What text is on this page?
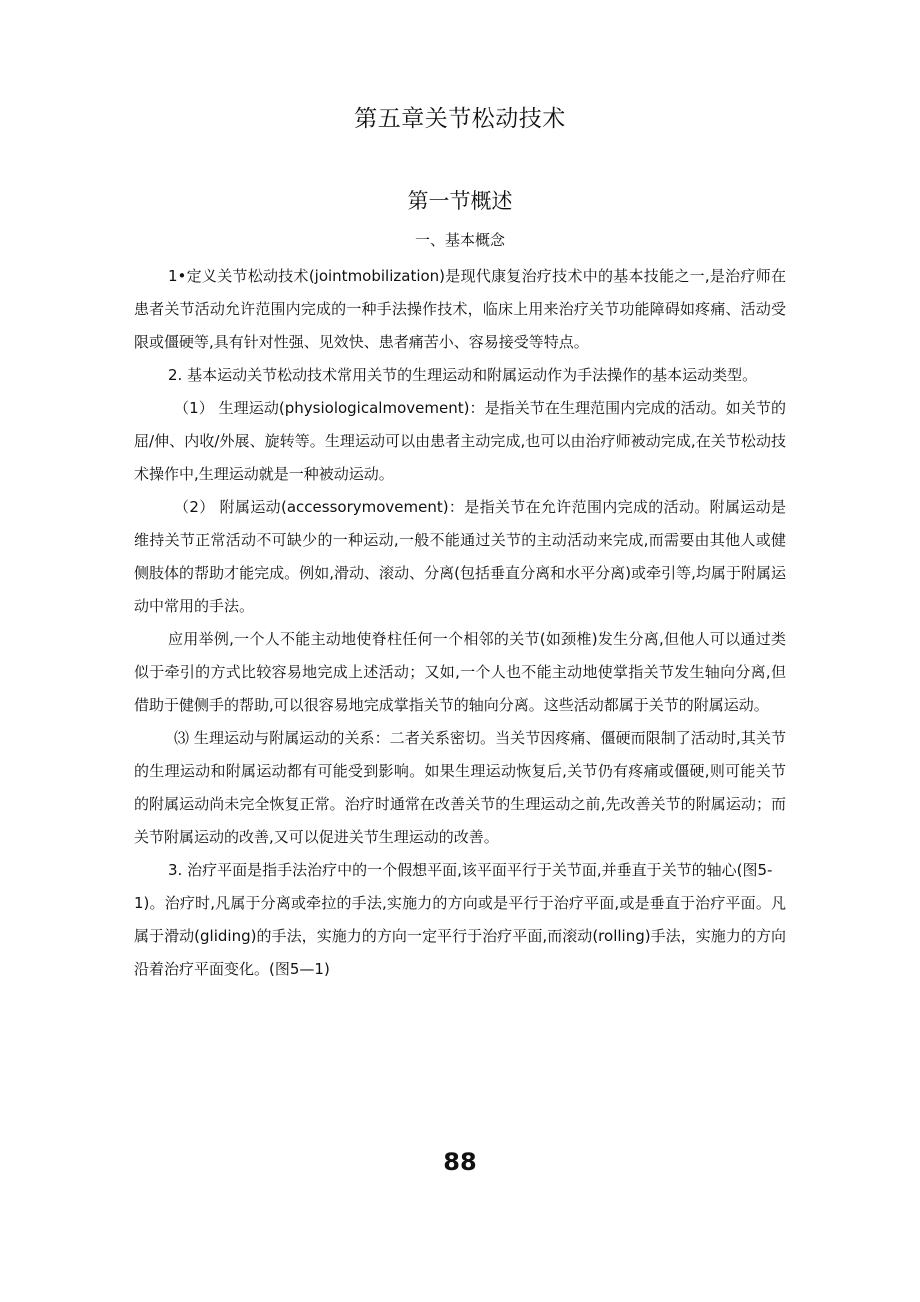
第五章关节松动技术
第一节概述
一、基本概念

1•定义关节松动技术(jointmobilization)是现代康复治疗技术中的基本技能之一,是治疗师在患者关节活动允许范围内完成的一种手法操作技术，临床上用来治疗关节功能障碍如疼痛、活动受限或僵硬等,具有针对性强、见效快、患者痛苦小、容易接受等特点。

2. 基本运动关节松动技术常用关节的生理运动和附属运动作为手法操作的基本运动类型。

（1） 生理运动(physiologicalmovement)：是指关节在生理范围内完成的活动。如关节的屈/伸、内收/外展、旋转等。生理运动可以由患者主动完成,也可以由治疗师被动完成,在关节松动技术操作中,生理运动就是一种被动运动。

（2） 附属运动(accessorymovement)：是指关节在允许范围内完成的活动。附属运动是维持关节正常活动不可缺少的一种运动,一般不能通过关节的主动活动来完成,而需要由其他人或健侧肢体的帮助才能完成。例如,滑动、滚动、分离(包括垂直分离和水平分离)或牵引等,均属于附属运动中常用的手法。

应用举例,一个人不能主动地使脊柱任何一个相邻的关节(如颈椎)发生分离,但他人可以通过类似于牵引的方式比较容易地完成上述活动；又如,一个人也不能主动地使掌指关节发生轴向分离,但借助于健侧手的帮助,可以很容易地完成掌指关节的轴向分离。这些活动都属于关节的附属运动。

⑶ 生理运动与附属运动的关系：二者关系密切。当关节因疼痛、僵硬而限制了活动时,其关节的生理运动和附属运动都有可能受到影响。如果生理运动恢复后,关节仍有疼痛或僵硬,则可能关节的附属运动尚未完全恢复正常。治疗时通常在改善关节的生理运动之前,先改善关节的附属运动；而关节附属运动的改善,又可以促进关节生理运动的改善。

3. 治疗平面是指手法治疗中的一个假想平面,该平面平行于关节面,并垂直于关节的轴心(图5-

1)。治疗时,凡属于分离或牵拉的手法,实施力的方向或是平行于治疗平面,或是垂直于治疗平面。凡属于滑动(gliding)的手法，实施力的方向一定平行于治疗平面,而滚动(rolling)手法，实施力的方向沿着治疗平面变化。(图5—1)

88
